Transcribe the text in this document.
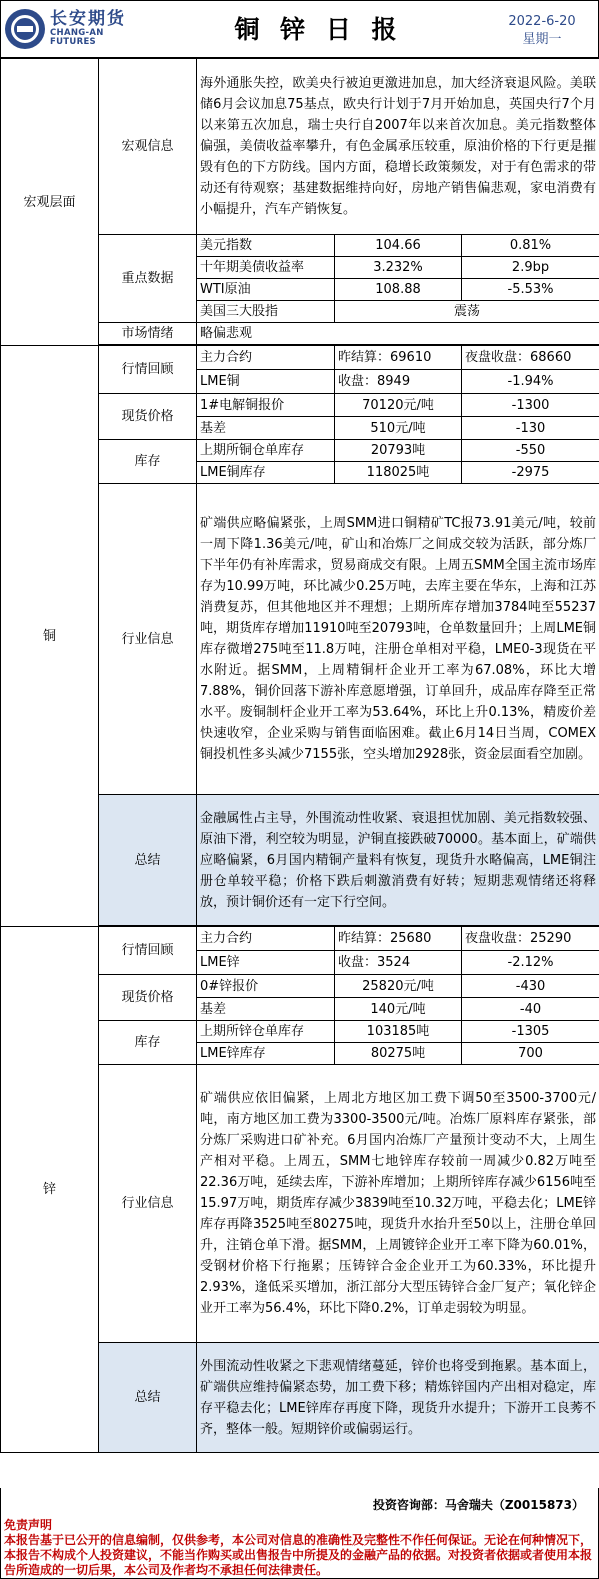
长安期货
CHANG-AN FUTURES	铜 锌 日 报	2022-6-20
星期一
宏观层面	宏观信息	海外通胀失控，欧美央行被迫更激进加息，加大经济衰退风险。美联储6月会议加息75基点，欧央行计划于7月开始加息，英国央行7个月以来第五次加息，瑞士央行自2007年以来首次加息。美元指数整体偏强，美债收益率攀升，有色金属承压较重，原油价格的下行更是摧毁有色的下方防线。国内方面，稳增长政策频发，对于有色需求的带动还有待观察；基建数据维持向好，房地产销售偏悲观，家电消费有小幅提升，汽车产销恢复。		
	重点数据	美元指数	104.66	0.81%
		十年期美债收益率	3.232%	2.9bp
		WTI原油	108.88	-5.53%
		美国三大股指	震荡	
	市场情绪	略偏悲观		

铜	行情回顾	主力合约	昨结算：69610	夜盘收盘：68660
		LME铜	收盘：8949	-1.94%
	现货价格	1#电解铜报价	70120元/吨	-1300
		基差	510元/吨	-130
	库存	上期所铜仓单库存	20793吨	-550
		LME铜库存	118025吨	-2975
	行业信息	矿端供应略偏紧张，上周SMM进口铜精矿TC报73.91美元/吨，较前一周下降1.36美元/吨，矿山和冶炼厂之间成交较为活跃，部分炼厂下半年仍有补库需求，贸易商成交有限。上周五SMM全国主流市场库存为10.99万吨，环比减少0.25万吨，去库主要在华东，上海和江苏消费复苏，但其他地区并不理想；上期所库存增加3784吨至55237吨，期货库存增加11910吨至20793吨，仓单数量回升；上周LME铜库存微增275吨至11.8万吨，注册仓单相对平稳，LME0-3现货在平水附近。据SMM，上周精铜杆企业开工率为67.08%，环比大增7.88%，铜价回落下游补库意愿增强，订单回升，成品库存降至正常水平。废铜制杆企业开工率为53.64%，环比上升0.13%，精废价差快速收窄，企业采购与销售面临困难。截止6月14日当周，COMEX铜投机性多头减少7155张，空头增加2928张，资金层面看空加剧。		
	总结	金融属性占主导，外围流动性收紧、衰退担忧加剧、美元指数较强、原油下滑，利空较为明显，沪铜直接跌破70000。基本面上，矿端供应略偏紧，6月国内精铜产量料有恢复，现货升水略偏高，LME铜注册仓单较平稳；价格下跌后刺激消费有好转；短期悲观情绪还将释放，预计铜价还有一定下行空间。		

锌	行情回顾	主力合约	昨结算：25680	夜盘收盘：25290
		LME锌	收盘：3524	-2.12%
	现货价格	0#锌报价	25820元/吨	-430
		基差	140元/吨	-40
	库存	上期所锌仓单库存	103185吨	-1305
		LME锌库存	80275吨	700
	行业信息	矿端供应依旧偏紧，上周北方地区加工费下调50至3500-3700元/吨，南方地区加工费为3300-3500元/吨。冶炼厂原料库存紧张，部分炼厂采购进口矿补充。6月国内冶炼厂产量预计变动不大，上周生产相对平稳。上周五，SMM七地锌库存较前一周减少0.82万吨至22.36万吨，延续去库，下游补库增加；上期所锌库存减少6156吨至15.97万吨，期货库存减少3839吨至10.32万吨，平稳去化；LME锌库存再降3525吨至80275吨，现货升水抬升至50以上，注册仓单回升，注销仓单下滑。据SMM，上周镀锌企业开工率下降为60.01%，受钢材价格下行拖累；压铸锌合金企业开工为60.33%，环比提升2.93%，逢低采买增加，浙江部分大型压铸锌合金厂复产；氧化锌企业开工率为56.4%，环比下降0.2%，订单走弱较为明显。		
	总结	外围流动性收紧之下悲观情绪蔓延，锌价也将受到拖累。基本面上，矿端供应维持偏紧态势，加工费下移；精炼锌国内产出相对稳定，库存平稳去化；LME锌库存再度下降，现货升水提升；下游开工良莠不齐，整体一般。短期锌价或偏弱运行。		
投资咨询部：马舍瑞夫（Z0015873）
免责声明
本报告基于已公开的信息编制，仅供参考，本公司对信息的准确性及完整性不作任何保证。无论在何种情况下，本报告不构成个人投资建议，不能当作购买或出售报告中所提及的金融产品的依据。对投资者依据或者使用本报告所造成的一切后果，本公司及作者均不承担任何法律责任。
